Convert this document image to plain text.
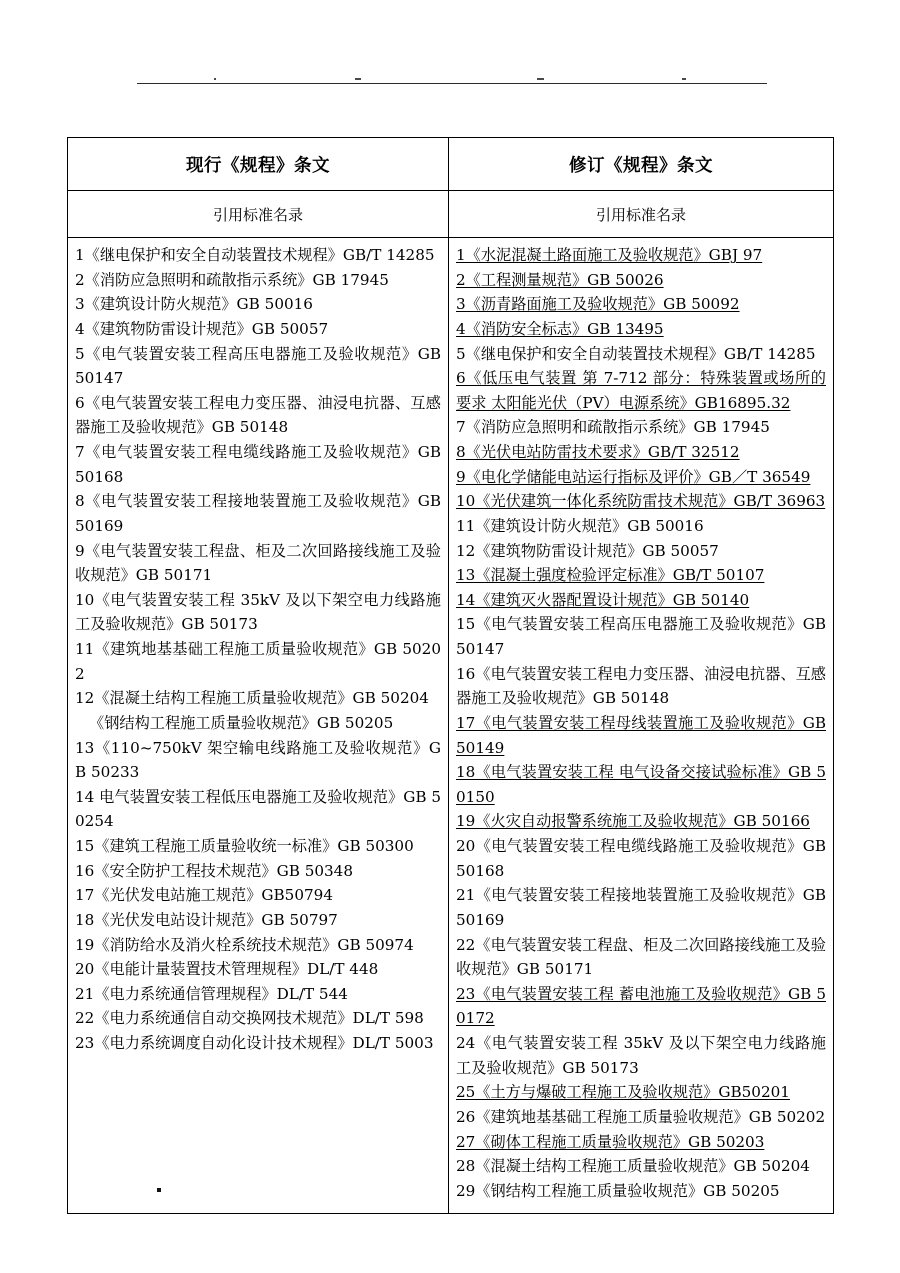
现行《规程》条文	修订《规程》条文
引用标准名录	引用标准名录

1《继电保护和安全自动装置技术规程》GB/T 14285
2《消防应急照明和疏散指示系统》GB 17945
3《建筑设计防火规范》GB 50016
4《建筑物防雷设计规范》GB 50057
5《电气装置安装工程高压电器施工及验收规范》GB 50147
6《电气装置安装工程电力变压器、油浸电抗器、互感器施工及验收规范》GB 50148
7《电气装置安装工程电缆线路施工及验收规范》GB 50168
8《电气装置安装工程接地装置施工及验收规范》GB 50169
9《电气装置安装工程盘、柜及二次回路接线施工及验收规范》GB 50171
10《电气装置安装工程 35kV 及以下架空电力线路施工及验收规范》GB 50173
11《建筑地基基础工程施工质量验收规范》GB 50202
12《混凝土结构工程施工质量验收规范》GB 50204
《钢结构工程施工质量验收规范》GB 50205
13《110~750kV 架空输电线路施工及验收规范》GB 50233
14 电气装置安装工程低压电器施工及验收规范》GB 50254
15《建筑工程施工质量验收统一标准》GB 50300
16《安全防护工程技术规范》GB 50348
17《光伏发电站施工规范》GB50794
18《光伏发电站设计规范》GB 50797
19《消防给水及消火栓系统技术规范》GB 50974
20《电能计量装置技术管理规程》DL/T 448
21《电力系统通信管理规程》DL/T 544
22《电力系统通信自动交换网技术规范》DL/T 598
23《电力系统调度自动化设计技术规程》DL/T 5003

1《水泥混凝土路面施工及验收规范》GBJ 97
2《工程测量规范》GB 50026
3《沥青路面施工及验收规范》GB 50092
4《消防安全标志》GB 13495
5《继电保护和安全自动装置技术规程》GB/T 14285
6《低压电气装置 第 7-712 部分：特殊装置或场所的要求 太阳能光伏（PV）电源系统》GB16895.32
7《消防应急照明和疏散指示系统》GB 17945
8《光伏电站防雷技术要求》GB/T 32512
9《电化学储能电站运行指标及评价》GB／T 36549
10《光伏建筑一体化系统防雷技术规范》GB/T 36963
11《建筑设计防火规范》GB 50016
12《建筑物防雷设计规范》GB 50057
13《混凝土强度检验评定标准》GB/T 50107
14《建筑灭火器配置设计规范》GB 50140
15《电气装置安装工程高压电器施工及验收规范》GB 50147
16《电气装置安装工程电力变压器、油浸电抗器、互感器施工及验收规范》GB 50148
17《电气装置安装工程母线装置施工及验收规范》GB 50149
18《电气装置安装工程 电气设备交接试验标准》GB 50150
19《火灾自动报警系统施工及验收规范》GB 50166
20《电气装置安装工程电缆线路施工及验收规范》GB 50168
21《电气装置安装工程接地装置施工及验收规范》GB 50169
22《电气装置安装工程盘、柜及二次回路接线施工及验收规范》GB 50171
23《电气装置安装工程 蓄电池施工及验收规范》GB 50172
24《电气装置安装工程 35kV 及以下架空电力线路施工及验收规范》GB 50173
25《土方与爆破工程施工及验收规范》GB50201
26《建筑地基基础工程施工质量验收规范》GB 50202
27《砌体工程施工质量验收规范》GB 50203
28《混凝土结构工程施工质量验收规范》GB 50204
29《钢结构工程施工质量验收规范》GB 50205
